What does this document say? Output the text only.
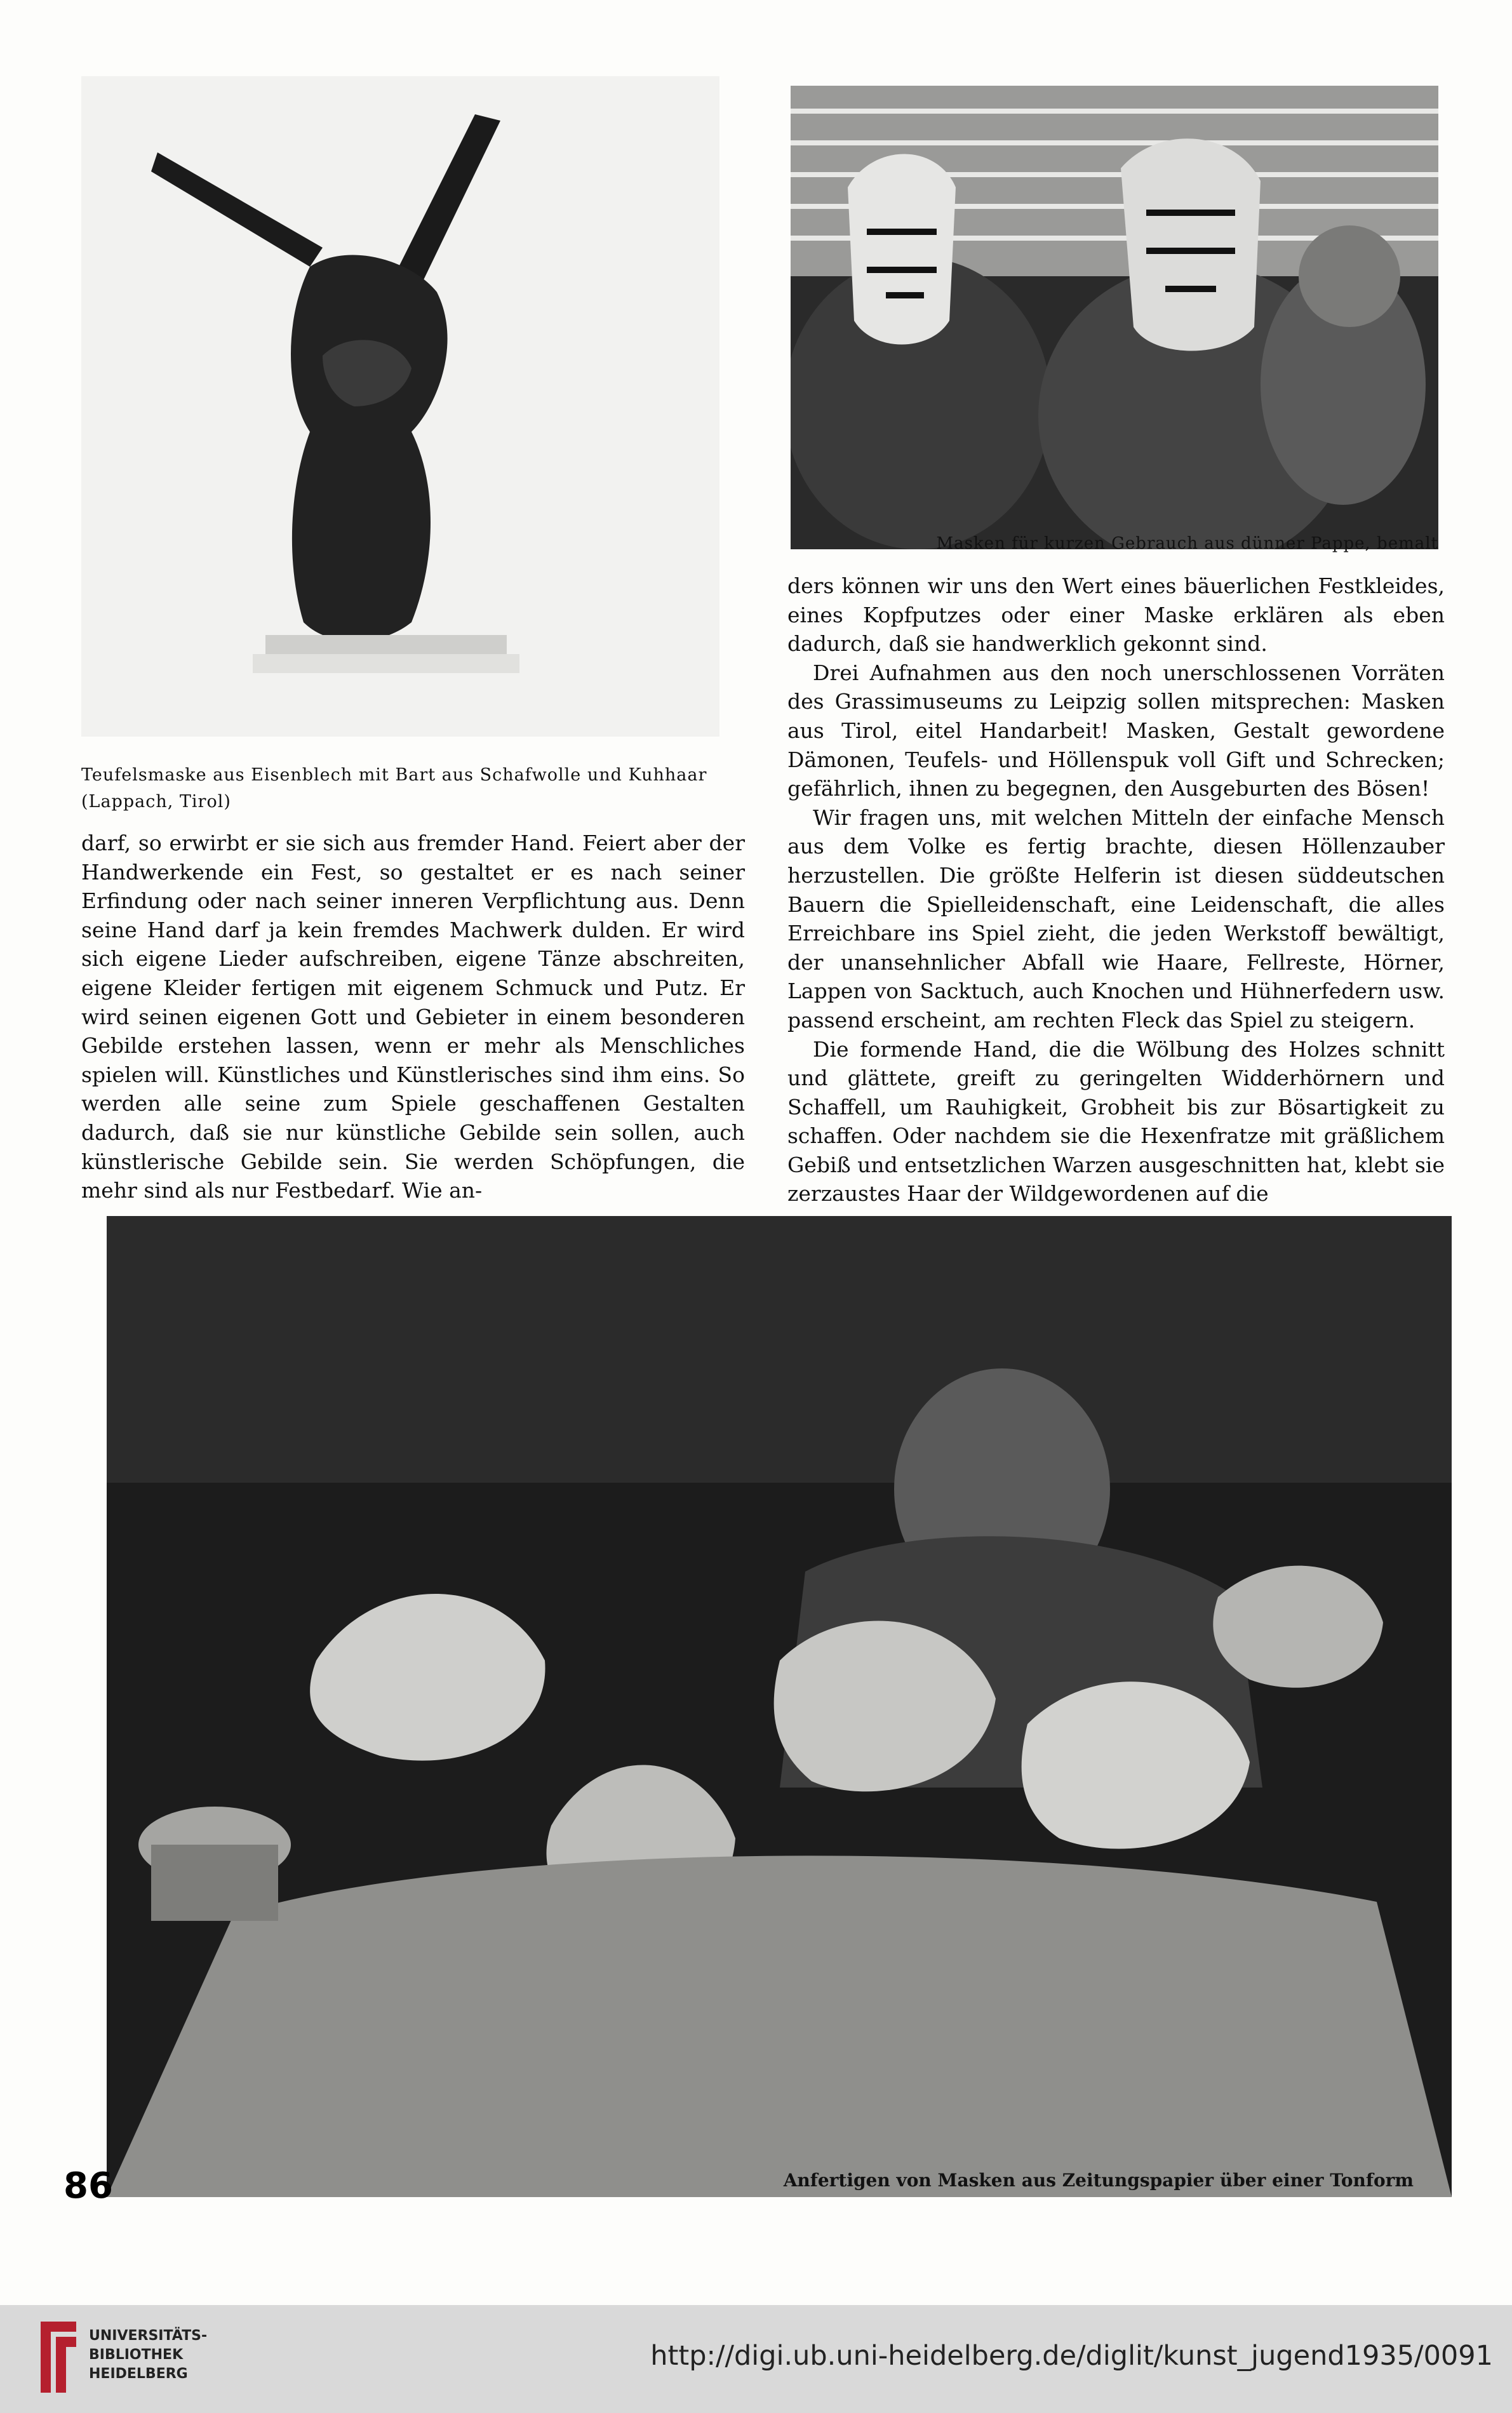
Masken für kurzen Gebrauch aus dünner Pappe, bemalt
Teufelsmaske aus Eisenblech mit Bart aus Schafwolle und Kuhhaar (Lappach, Tirol)

ders können wir uns den Wert eines bäuerlichen Festkleides, eines Kopfputzes oder einer Maske erklären als eben dadurch, daß sie handwerklich gekonnt sind.

Drei Aufnahmen aus den noch unerschlossenen Vorräten des Grassimuseums zu Leipzig sollen mitsprechen: Masken aus Tirol, eitel Handarbeit! Masken, Gestalt gewordene Dämonen, Teufels- und Höllenspuk voll Gift und Schrecken; gefährlich, ihnen zu begegnen, den Ausgeburten des Bösen!

Wir fragen uns, mit welchen Mitteln der einfache Mensch aus dem Volke es fertig brachte, diesen Höllenzauber herzustellen. Die größte Helferin ist diesen süddeutschen Bauern die Spielleidenschaft, eine Leidenschaft, die alles Erreichbare ins Spiel zieht, die jeden Werkstoff bewältigt, der unansehnlicher Abfall wie Haare, Fellreste, Hörner, Lappen von Sacktuch, auch Knochen und Hühnerfedern usw. passend erscheint, am rechten Fleck das Spiel zu steigern.

Die formende Hand, die die Wölbung des Holzes schnitt und glättete, greift zu geringelten Widderhörnern und Schaffell, um Rauhigkeit, Grobheit bis zur Bösartigkeit zu schaffen. Oder nachdem sie die Hexenfratze mit gräßlichem Gebiß und entsetzlichen Warzen ausgeschnitten hat, klebt sie zerzaustes Haar der Wildgewordenen auf die

darf, so erwirbt er sie sich aus fremder Hand. Feiert aber der Handwerkende ein Fest, so gestaltet er es nach seiner Erfindung oder nach seiner inneren Verpflichtung aus. Denn seine Hand darf ja kein fremdes Machwerk dulden. Er wird sich eigene Lieder aufschreiben, eigene Tänze abschreiten, eigene Kleider fertigen mit eigenem Schmuck und Putz. Er wird seinen eigenen Gott und Gebieter in einem besonderen Gebilde erstehen lassen, wenn er mehr als Menschliches spielen will. Künstliches und Künstlerisches sind ihm eins. So werden alle seine zum Spiele geschaffenen Gestalten dadurch, daß sie nur künstliche Gebilde sein sollen, auch künstlerische Gebilde sein. Sie werden Schöpfungen, die mehr sind als nur Festbedarf. Wie an-

Anfertigen von Masken aus Zeitungspapier über einer Tonform
86
UNIVERSITÄTS-
BIBLIOTHEK
HEIDELBERG
http://digi.ub.uni-heidelberg.de/diglit/kunst_jugend1935/0091
